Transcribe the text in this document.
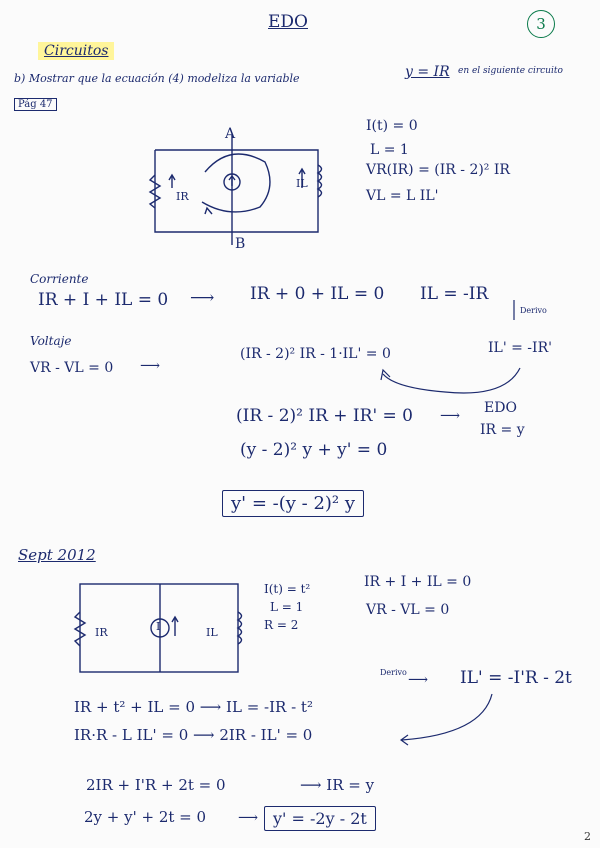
EDO	3
Circuitos
b) Mostrar que la ecuación (4) modeliza la variable	y = IR en el siguiente circuito
Pág 47
I(t) = 0
L = 1
VR(IR) = (IR - 2)² IR
VL = L IL'
A
B
IR
IL
Corriente
IR + I + IL = 0 ⟶ IR + 0 + IL = 0 IL = -IR
Derivo
Voltaje
VR - VL = 0 ⟶
(IR - 2)² IR - 1·IL' = 0	IL' = -IR'
(IR - 2)² IR + IR' = 0 ⟶ EDO
IR = y
(y - 2)² y + y' = 0
y' = -(y - 2)² y
Sept 2012
IR	I	IL
I(t) = t²
L = 1
R = 2
IR + I + IL = 0
VR - VL = 0
Derivo ⟶ IL' = -I'R - 2t
IR + t² + IL = 0 ⟶ IL = -IR - t²
IR·R - L IL' = 0 ⟶ 2IR - IL' = 0
2IR + I'R + 2t = 0	⟶ IR = y
2y + y' + 2t = 0 ⟶ y' = -2y - 2t
2
